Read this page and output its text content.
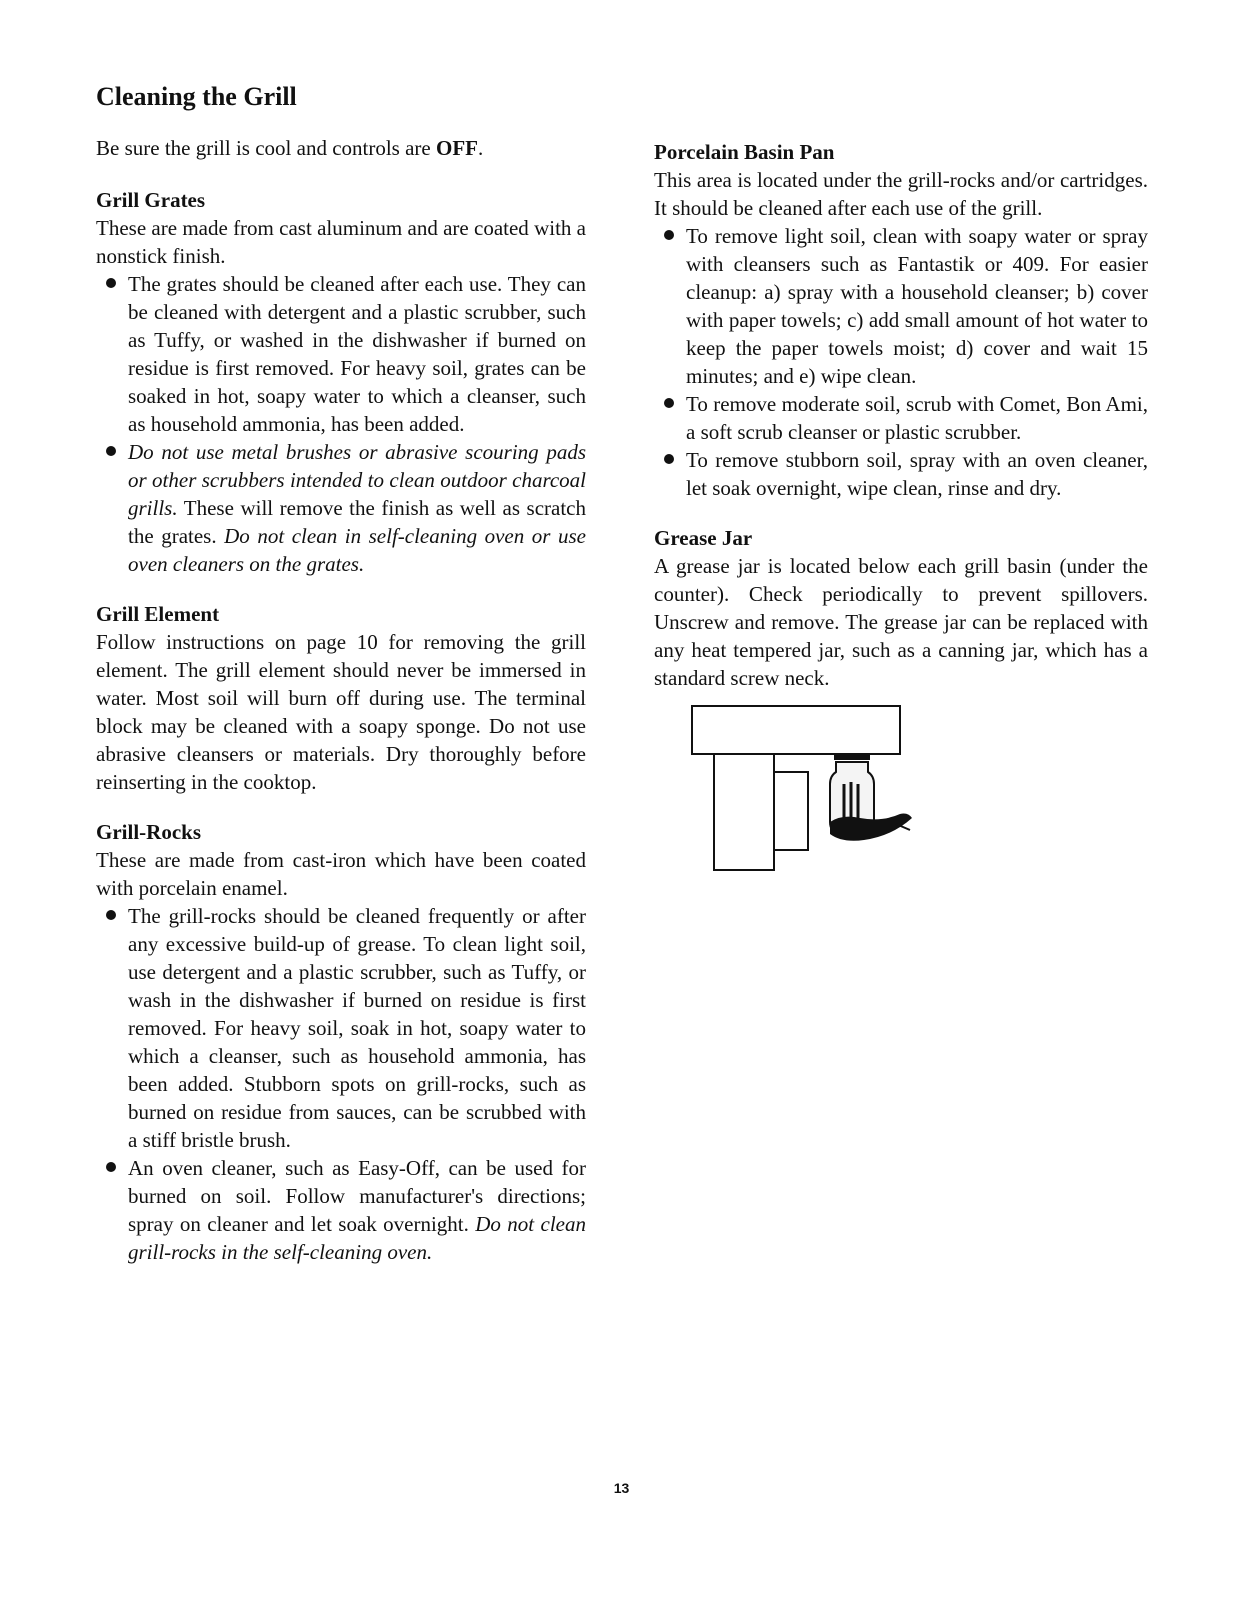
Cleaning the Grill

Be sure the grill is cool and controls are OFF.

Grill Grates

These are made from cast aluminum and are coated with a nonstick finish.

The grates should be cleaned after each use. They can be cleaned with detergent and a plastic scrubber, such as Tuffy, or washed in the dishwasher if burned on residue is first removed. For heavy soil, grates can be soaked in hot, soapy water to which a cleanser, such as household ammonia, has been added.
Do not use metal brushes or abrasive scouring pads or other scrubbers intended to clean outdoor charcoal grills. These will remove the finish as well as scratch the grates. Do not clean in self-cleaning oven or use oven cleaners on the grates.
Grill Element

Follow instructions on page 10 for removing the grill element. The grill element should never be immersed in water. Most soil will burn off during use. The terminal block may be cleaned with a soapy sponge. Do not use abrasive cleansers or materials. Dry thoroughly before reinserting in the cooktop.

Grill-Rocks

These are made from cast-iron which have been coated with porcelain enamel.

The grill-rocks should be cleaned frequently or after any excessive build-up of grease. To clean light soil, use detergent and a plastic scrubber, such as Tuffy, or wash in the dishwasher if burned on residue is first removed. For heavy soil, soak in hot, soapy water to which a cleanser, such as household ammonia, has been added. Stubborn spots on grill-rocks, such as burned on residue from sauces, can be scrubbed with a stiff bristle brush.
An oven cleaner, such as Easy-Off, can be used for burned on soil. Follow manufacturer's directions; spray on cleaner and let soak overnight. Do not clean grill-rocks in the self-cleaning oven.
Porcelain Basin Pan

This area is located under the grill-rocks and/or cartridges. It should be cleaned after each use of the grill.

To remove light soil, clean with soapy water or spray with cleansers such as Fantastik or 409. For easier cleanup: a) spray with a household cleanser; b) cover with paper towels; c) add small amount of hot water to keep the paper towels moist; d) cover and wait 15 minutes; and e) wipe clean.
To remove moderate soil, scrub with Comet, Bon Ami, a soft scrub cleanser or plastic scrubber.
To remove stubborn soil, spray with an oven cleaner, let soak overnight, wipe clean, rinse and dry.
Grease Jar

A grease jar is located below each grill basin (under the counter). Check periodically to prevent spillovers. Unscrew and remove. The grease jar can be replaced with any heat tempered jar, such as a canning jar, which has a standard screw neck.

13
